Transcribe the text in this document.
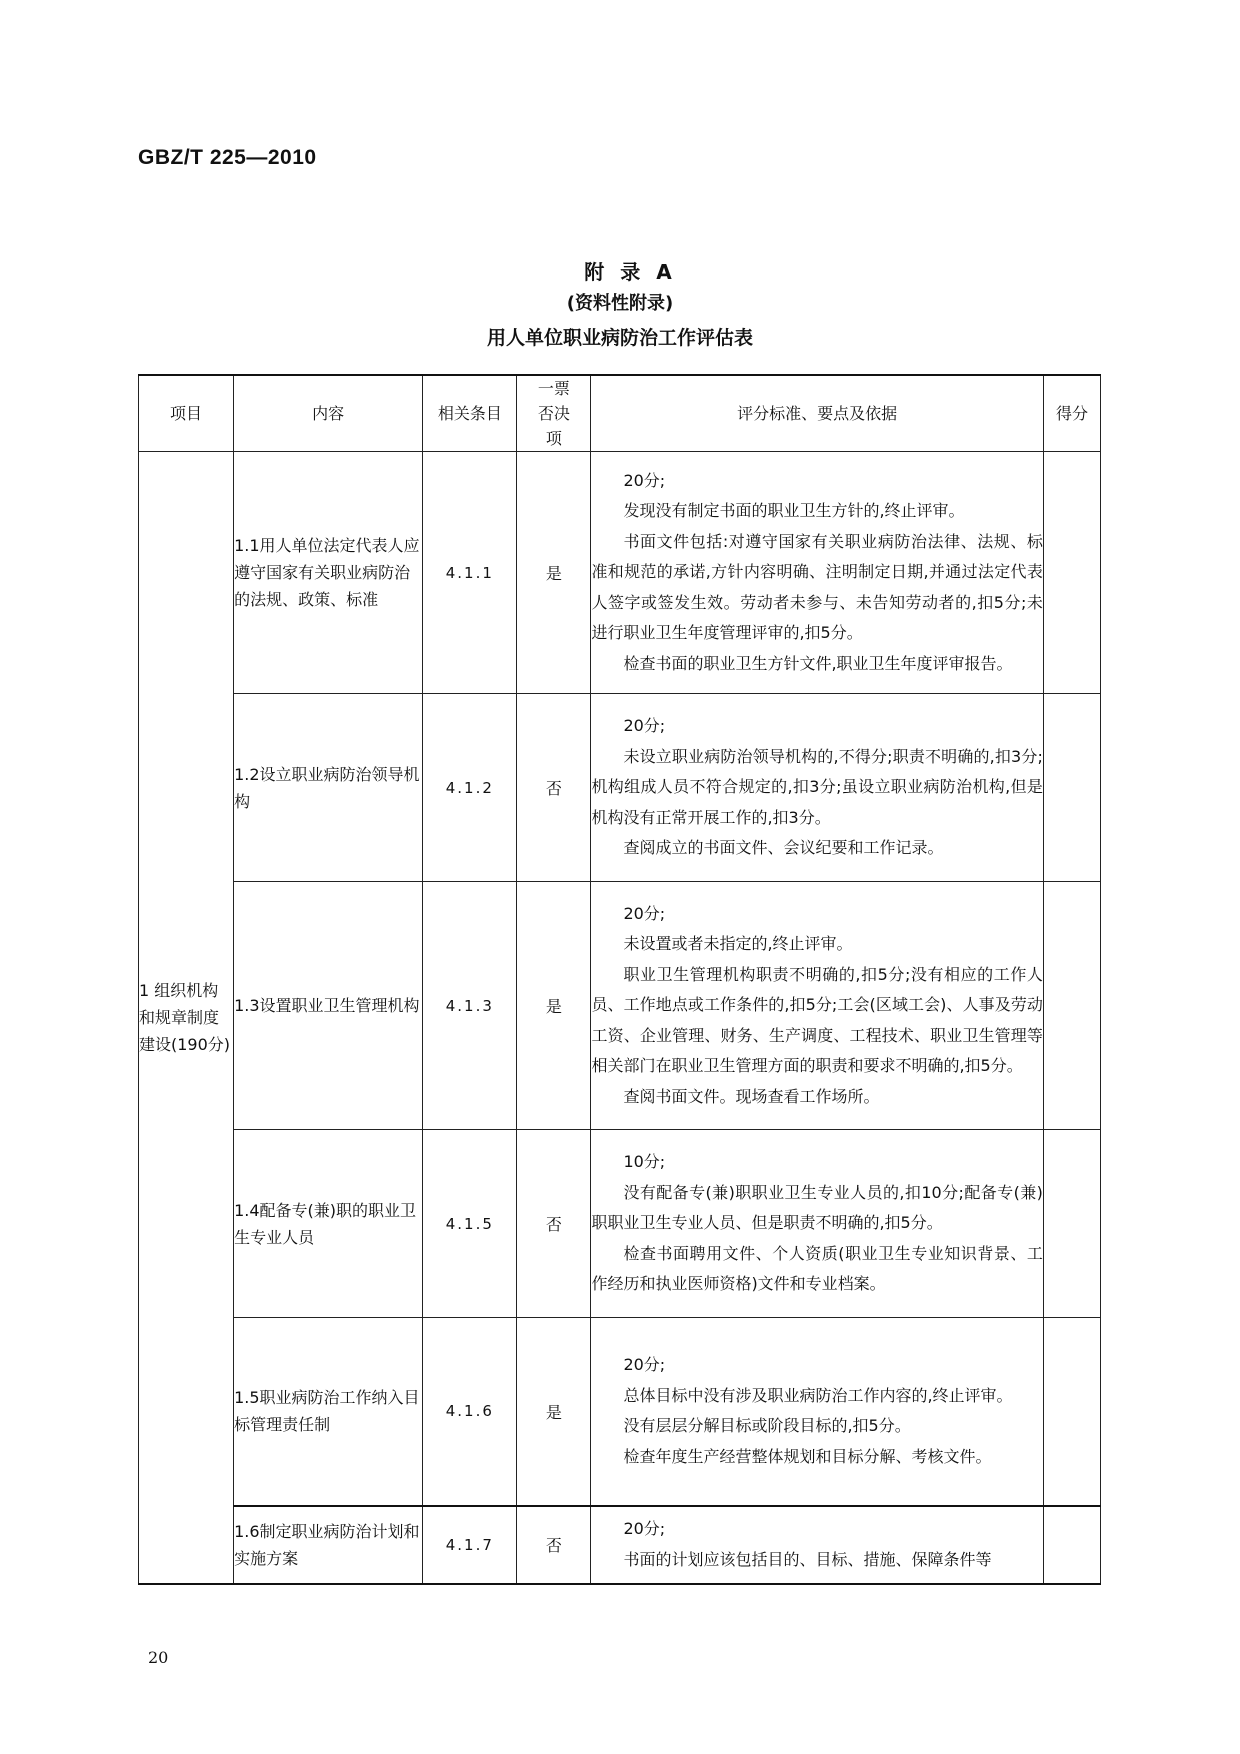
GBZ/T 225—2010
附录A
(资料性附录)
用人单位职业病防治工作评估表
项目	内容	相关条目	一票否决项	评分标准、要点及依据	得分
1 组织机构和规章制度建设(190分)	1.1用人单位法定代表人应遵守国家有关职业病防治的法规、政策、标准	4.1.1	是	20分;

发现没有制定书面的职业卫生方针的,终止评审。

书面文件包括:对遵守国家有关职业病防治法律、法规、标准和规范的承诺,方针内容明确、注明制定日期,并通过法定代表人签字或签发生效。劳动者未参与、未告知劳动者的,扣5分;未进行职业卫生年度管理评审的,扣5分。

检查书面的职业卫生方针文件,职业卫生年度评审报告。	

	1.2设立职业病防治领导机构	4.1.2	否	20分;

未设立职业病防治领导机构的,不得分;职责不明确的,扣3分;机构组成人员不符合规定的,扣3分;虽设立职业病防治机构,但是机构没有正常开展工作的,扣3分。

查阅成立的书面文件、会议纪要和工作记录。	

	1.3设置职业卫生管理机构	4.1.3	是	20分;

未设置或者未指定的,终止评审。

职业卫生管理机构职责不明确的,扣5分;没有相应的工作人员、工作地点或工作条件的,扣5分;工会(区域工会)、人事及劳动工资、企业管理、财务、生产调度、工程技术、职业卫生管理等相关部门在职业卫生管理方面的职责和要求不明确的,扣5分。

查阅书面文件。现场查看工作场所。	

	1.4配备专(兼)职的职业卫生专业人员	4.1.5	否	10分;

没有配备专(兼)职职业卫生专业人员的,扣10分;配备专(兼)职职业卫生专业人员、但是职责不明确的,扣5分。

检查书面聘用文件、个人资质(职业卫生专业知识背景、工作经历和执业医师资格)文件和专业档案。	

	1.5职业病防治工作纳入目标管理责任制	4.1.6	是	20分;

总体目标中没有涉及职业病防治工作内容的,终止评审。

没有层层分解目标或阶段目标的,扣5分。

检查年度生产经营整体规划和目标分解、考核文件。	

	1.6制定职业病防治计划和实施方案	4.1.7	否	20分;

书面的计划应该包括目的、目标、措施、保障条件等	

20
